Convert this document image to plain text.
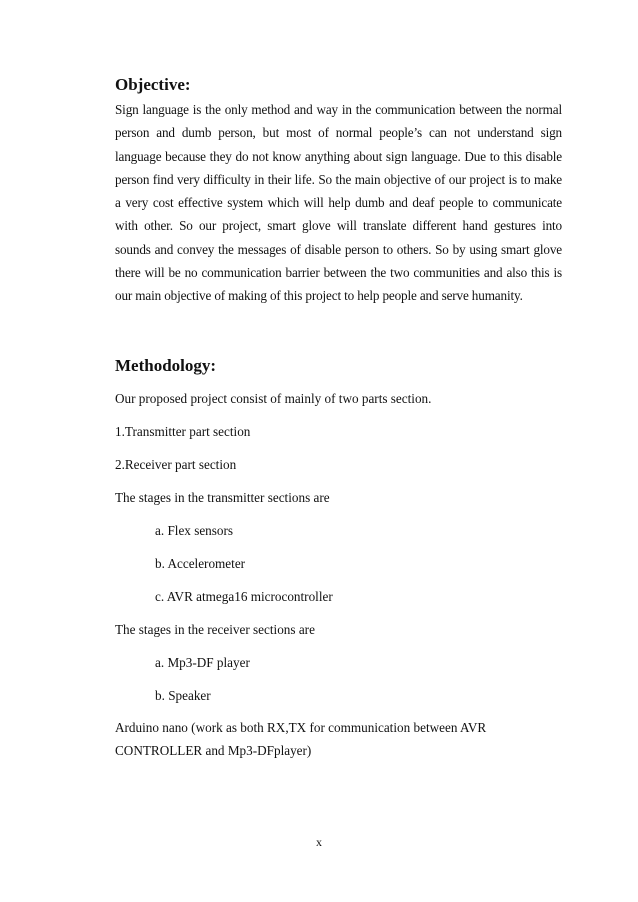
Objective:

Sign language is the only method and way in the communication between the normal person and dumb person, but most of normal people’s can not understand sign language because they do not know anything about sign language. Due to this disable person find very difficulty in their life. So the main objective of our project is to make a very cost effective system which will help dumb and deaf people to communicate with other. So our project, smart glove will translate different hand gestures into sounds and convey the messages of disable person to others. So by using smart glove there will be no communication barrier between the two communities and also this is our main objective of making of this project to help people and serve humanity.

Methodology:

Our proposed project consist of mainly of two parts section.

1.Transmitter part section

2.Receiver part section

The stages in the transmitter sections are

a. Flex sensors

b. Accelerometer

c. AVR atmega16 microcontroller

The stages in the receiver sections are

a. Mp3-DF player

b. Speaker

Arduino nano (work as both RX,TX for communication between AVR CONTROLLER and Mp3-DFplayer)

x
